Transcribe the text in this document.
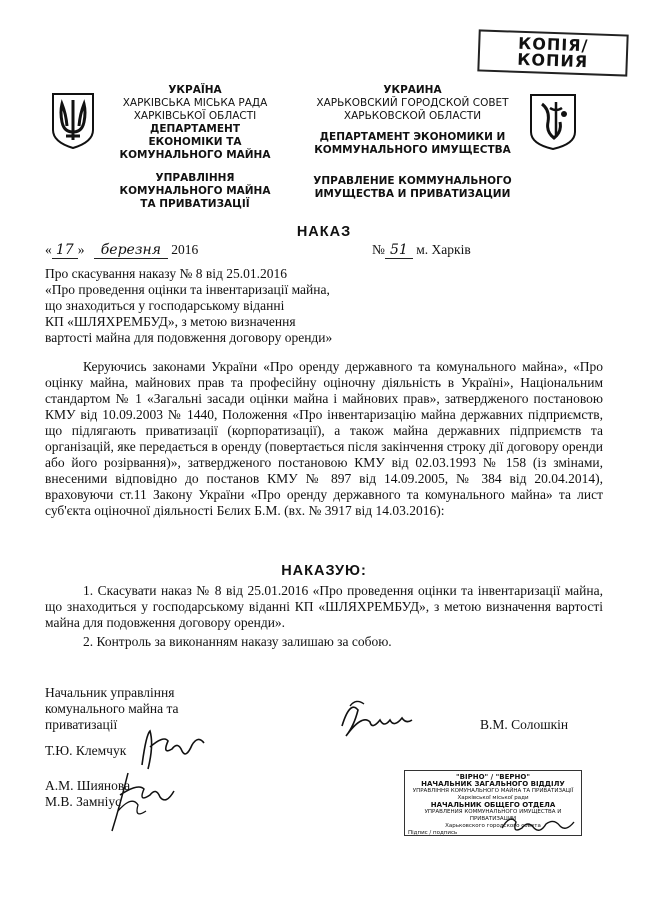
КОПІЯ/
КОПИЯ
УКРАЇНА
ХАРКІВСЬКА МІСЬКА РАДА
ХАРКІВСЬКОЇ ОБЛАСТІ
ДЕПАРТАМЕНТ
ЕКОНОМІКИ ТА
КОМУНАЛЬНОГО МАЙНА
УПРАВЛІННЯ
КОМУНАЛЬНОГО МАЙНА
ТА ПРИВАТИЗАЦІЇ
УКРАИНА
ХАРЬКОВСКИЙ ГОРОДСКОЙ СОВЕТ
ХАРЬКОВСКОЙ ОБЛАСТИ
ДЕПАРТАМЕНТ ЭКОНОМИКИ И
КОММУНАЛЬНОГО ИМУЩЕСТВА
УПРАВЛЕНИЕ КОММУНАЛЬНОГО
ИМУЩЕСТВА И ПРИВАТИЗАЦИИ
НАКАЗ
« 17 » березня 2016	№ 51 м. Харків
Про скасування наказу № 8 від 25.01.2016
«Про проведення оцінки та інвентаризації майна,
що знаходиться у господарському віданні
КП «ШЛЯХРЕМБУД», з метою визначення
вартості майна для подовження договору оренди»

Керуючись законами України «Про оренду державного та комунального майна», «Про оцінку майна, майнових прав та професійну оціночну діяльність в Україні», Національним стандартом № 1 «Загальні засади оцінки майна і майнових прав», затвердженого постановою КМУ від 10.09.2003 № 1440, Положення «Про інвентаризацію майна державних підприємств, що підлягають приватизації (корпоратизації), а також майна державних підприємств та організацій, яке передається в оренду (повертається після закінчення строку дії договору оренди або його розірвання)», затвердженого постановою КМУ від 02.03.1993 № 158 (із змінами, внесеними відповідно до постанов КМУ № 897 від 14.09.2005, № 384 від 20.04.2014), враховуючи ст.11 Закону України «Про оренду державного та комунального майна» та лист суб'єкта оціночної діяльності Бєлих Б.М. (вх. № 3917 від 14.03.2016):

НАКАЗУЮ:

1. Скасувати наказ № 8 від 25.01.2016 «Про проведення оцінки та інвентаризації майна, що знаходиться у господарському віданні КП «ШЛЯХРЕМБУД», з метою визначення вартості майна для подовження договору оренди».

2. Контроль за виконанням наказу залишаю за собою.

Начальник управління
комунального майна та
приватизації	В.М. Солошкін
Т.Ю. Клемчук
А.М. Шиянова
М.В. Замніус
"ВІРНО" / "ВЕРНО"
НАЧАЛЬНИК ЗАГАЛЬНОГО ВІДДІЛУ
УПРАВЛІННЯ КОМУНАЛЬНОГО МАЙНА ТА ПРИВАТИЗАЦІЇ
Харківської міської ради
НАЧАЛЬНИК ОБЩЕГО ОТДЕЛА
УПРАВЛЕНИЯ КОММУНАЛЬНОГО ИМУЩЕСТВА И ПРИВАТИЗАЦИИ
Харьковского городского совета
Підпис / подпись
